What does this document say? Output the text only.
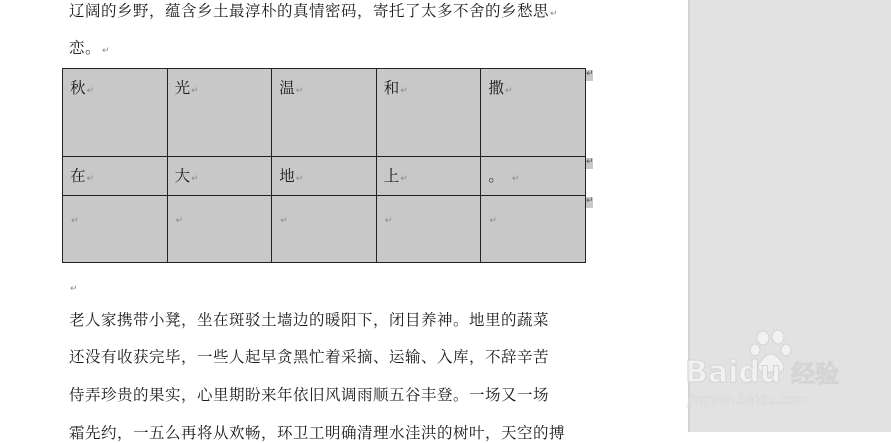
辽阔的乡野，蕴含乡土最淳朴的真情密码，寄托了太多不舍的乡愁思↵
恋。↵
秋↵	光↵	温↵	和↵	撒↵
在↵	大↵	地↵	上↵	。 ↵
↵	↵	↵	↵	↵
↵
↵
↵
↵
老人家携带小凳，坐在斑驳土墙边的暖阳下，闭目养神。地里的蔬菜
还没有收获完毕，一些人起早贪黑忙着采摘、运输、入库，不辞辛苦
侍弄珍贵的果实，心里期盼来年依旧风调雨顺五谷丰登。一场又一场
霜先约，一五么再将从欢畅，环卫工明确清理水洼洪的树叶，天空的搏
Baidu 经验
jingyan.baidu.com
